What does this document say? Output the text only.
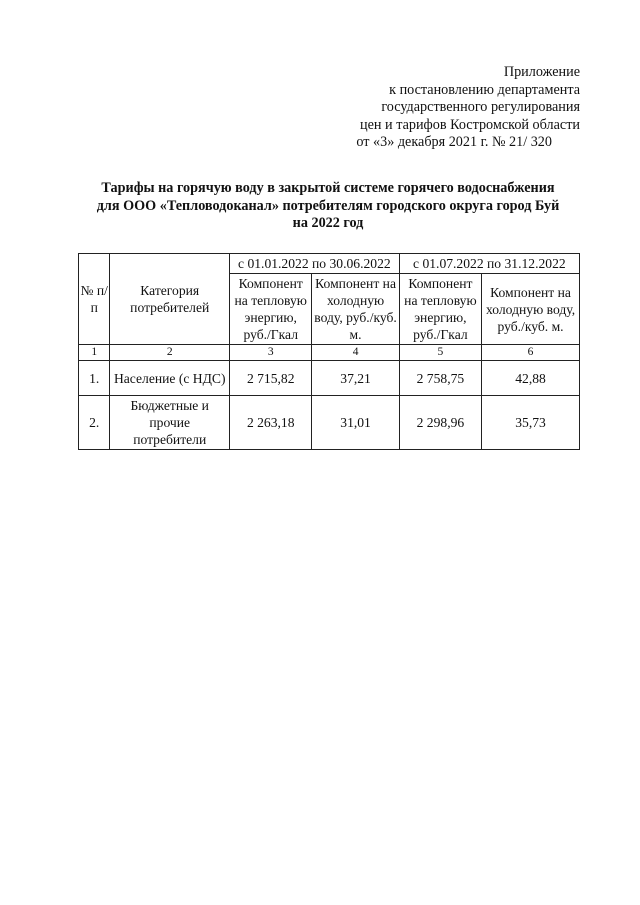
Приложение
к постановлению департамента
государственного регулирования
цен и тарифов Костромской области
от «3» декабря 2021 г. № 21/ 320
Тарифы на горячую воду в закрытой системе горячего водоснабжения
для ООО «Тепловодоканал» потребителям городского округа город Буй
на 2022 год
№ п/п	Категория потребителей	с 01.01.2022 по 30.06.2022		с 01.07.2022 по 31.12.2022	
		Компонент на тепловую энергию, руб./Гкал	Компонент на холодную воду, руб./куб. м.	Компонент на тепловую энергию, руб./Гкал	Компонент на холодную воду, руб./куб. м.
1	2	3	4	5	6
1.	Население (с НДС)	2 715,82	37,21	2 758,75	42,88
2.	Бюджетные и прочие потребители	2 263,18	31,01	2 298,96	35,73
